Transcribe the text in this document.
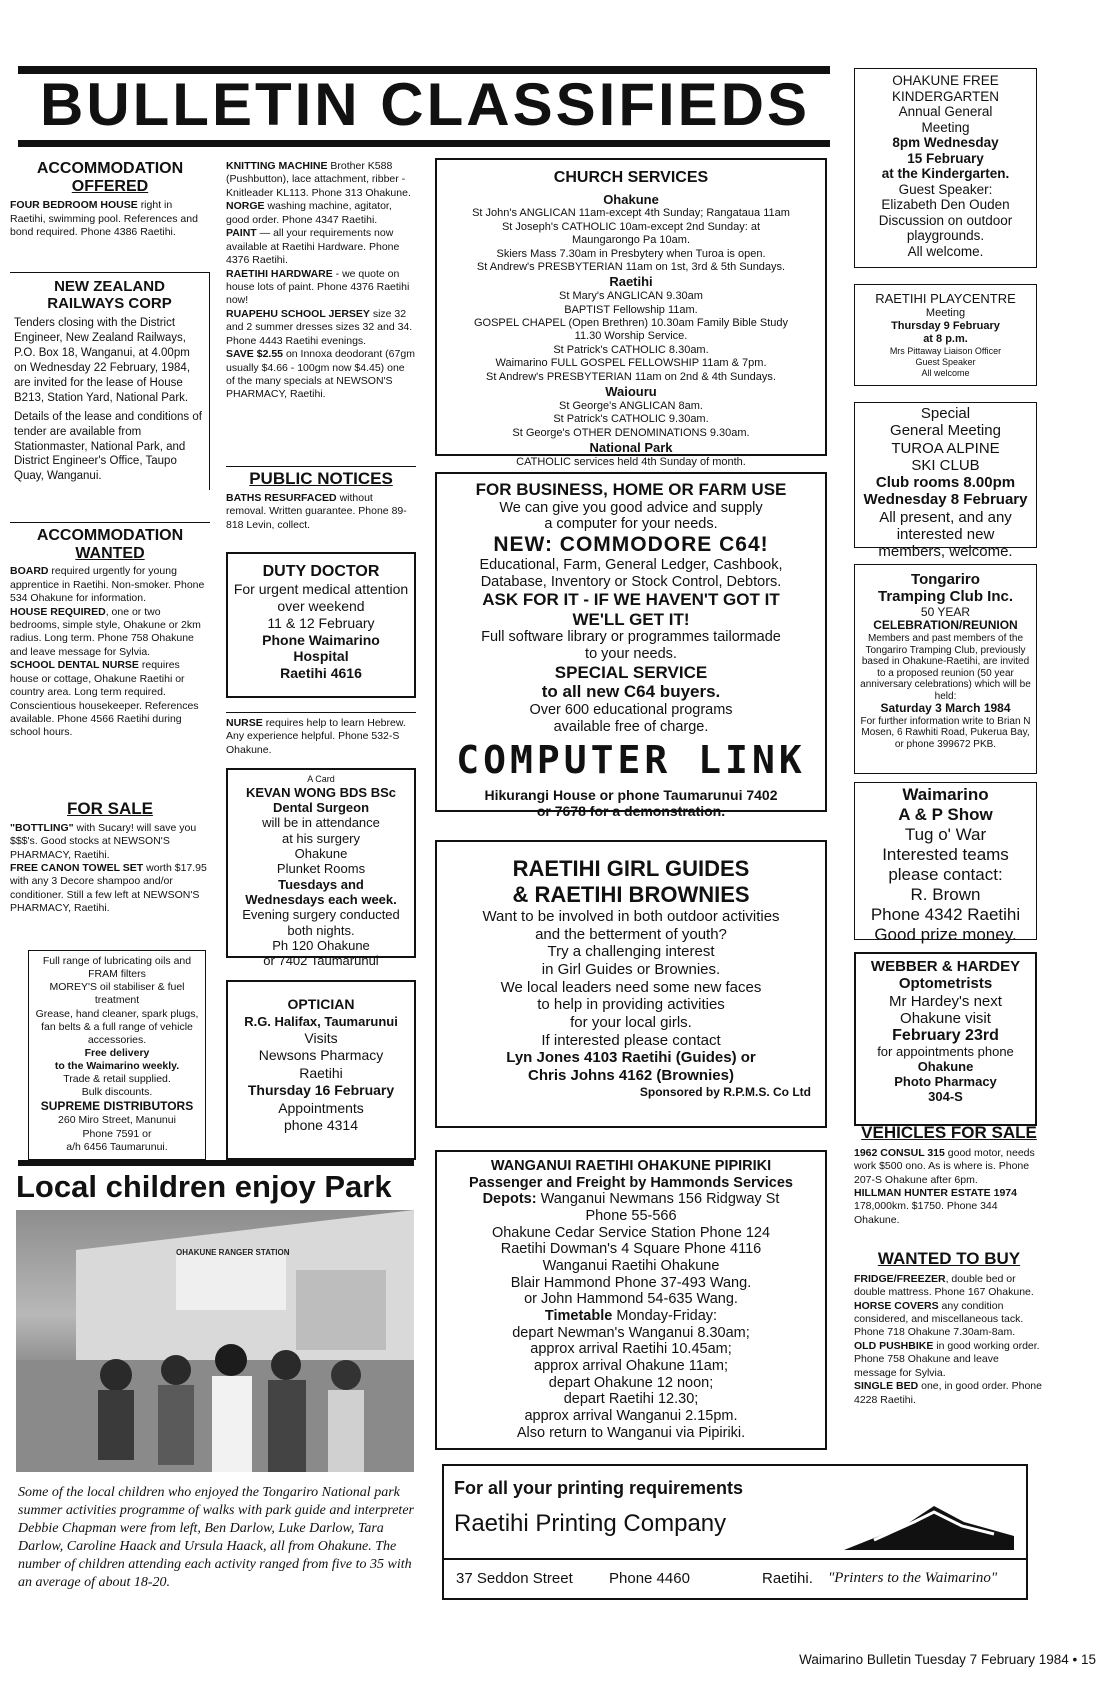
BULLETIN CLASSIFIEDS
ACCOMMODATION
OFFERED

FOUR BEDROOM HOUSE right in Raetihi, swimming pool. References and bond required. Phone 4386 Raetihi.

NEW ZEALAND
RAILWAYS CORP

Tenders closing with the District Engineer, New Zealand Railways, P.O. Box 18, Wanganui, at 4.00pm on Wednesday 22 February, 1984, are invited for the lease of House B213, Station Yard, National Park.

Details of the lease and conditions of tender are available from Stationmaster, National Park, and District Engineer's Office, Taupo Quay, Wanganui.

ACCOMMODATION
WANTED

BOARD required urgently for young apprentice in Raetihi. Non-smoker. Phone 534 Ohakune for information.

HOUSE REQUIRED, one or two bedrooms, simple style, Ohakune or 2km radius. Long term. Phone 758 Ohakune and leave message for Sylvia.

SCHOOL DENTAL NURSE requires house or cottage, Ohakune Raetihi or country area. Long term required. Conscientious housekeeper. References available. Phone 4566 Raetihi during school hours.

FOR SALE

"BOTTLING" with Sucary! will save you $$$'s. Good stocks at NEWSON'S PHARMACY, Raetihi.

FREE CANON TOWEL SET worth $17.95 with any 3 Decore shampoo and/or conditioner. Still a few left at NEWSON'S PHARMACY, Raetihi.

Full range of lubricating oils and FRAM filters

MOREY'S oil stabiliser & fuel treatment

Grease, hand cleaner, spark plugs, fan belts & a full range of vehicle accessories.

Free delivery

to the Waimarino weekly.

Trade & retail supplied.

Bulk discounts.

SUPREME DISTRIBUTORS

260 Miro Street, Manunui

Phone 7591 or

a/h 6456 Taumarunui.

KNITTING MACHINE Brother K588 (Pushbutton), lace attachment, ribber - Knitleader KL113. Phone 313 Ohakune.

NORGE washing machine, agitator, good order. Phone 4347 Raetihi.

PAINT — all your requirements now available at Raetihi Hardware. Phone 4376 Raetihi.

RAETIHI HARDWARE - we quote on house lots of paint. Phone 4376 Raetihi now!

RUAPEHU SCHOOL JERSEY size 32 and 2 summer dresses sizes 32 and 34. Phone 4443 Raetihi evenings.

SAVE $2.55 on Innoxa deodorant (67gm usually $4.66 - 100gm now $4.45) one of the many specials at NEWSON'S PHARMACY, Raetihi.

PUBLIC NOTICES

BATHS RESURFACED without removal. Written guarantee. Phone 89-818 Levin, collect.

DUTY DOCTOR

For urgent medical attention over weekend

11 & 12 February

Phone Waimarino

Hospital

Raetihi 4616

NURSE requires help to learn Hebrew. Any experience helpful. Phone 532-S Ohakune.

A Card

KEVAN WONG BDS BSc

Dental Surgeon

will be in attendance

at his surgery

Ohakune

Plunket Rooms

Tuesdays and

Wednesdays each week.

Evening surgery conducted both nights.

Ph 120 Ohakune

or 7402 Taumarunui

OPTICIAN

R.G. Halifax, Taumarunui

Visits

Newsons Pharmacy

Raetihi

Thursday 16 February

Appointments

phone 4314

CHURCH SERVICES

Ohakune

St John's ANGLICAN 11am-except 4th Sunday; Rangataua 11am

St Joseph's CATHOLIC 10am-except 2nd Sunday: at

Maungarongo Pa 10am.

Skiers Mass 7.30am in Presbytery when Turoa is open.

St Andrew's PRESBYTERIAN 11am on 1st, 3rd & 5th Sundays.

Raetihi

St Mary's ANGLICAN 9.30am

BAPTIST Fellowship 11am.

GOSPEL CHAPEL (Open Brethren) 10.30am Family Bible Study

11.30 Worship Service.

St Patrick's CATHOLIC 8.30am.

Waimarino FULL GOSPEL FELLOWSHIP 11am & 7pm.

St Andrew's PRESBYTERIAN 11am on 2nd & 4th Sundays.

Waiouru

St George's ANGLICAN 8am.

St Patrick's CATHOLIC 9.30am.

St George's OTHER DENOMINATIONS 9.30am.

National Park

CATHOLIC services held 4th Sunday of month.

FOR BUSINESS, HOME OR FARM USE

We can give you good advice and supply

a computer for your needs.

NEW: COMMODORE C64!

Educational, Farm, General Ledger, Cashbook,

Database, Inventory or Stock Control, Debtors.

ASK FOR IT - IF WE HAVEN'T GOT IT

WE'LL GET IT!

Full software library or programmes tailormade

to your needs.

SPECIAL SERVICE

to all new C64 buyers.

Over 600 educational programs

available free of charge.

COMPUTER LINK

Hikurangi House or phone Taumarunui 7402

or 7678 for a demonstration.

RAETIHI GIRL GUIDES

& RAETIHI BROWNIES

Want to be involved in both outdoor activities

and the betterment of youth?

Try a challenging interest

in Girl Guides or Brownies.

We local leaders need some new faces

to help in providing activities

for your local girls.

If interested please contact

Lyn Jones 4103 Raetihi (Guides) or

Chris Johns 4162 (Brownies)

Sponsored by R.P.M.S. Co Ltd

WANGANUI RAETIHI OHAKUNE PIPIRIKI

Passenger and Freight by Hammonds Services

Depots: Wanganui Newmans 156 Ridgway St

Phone 55-566

Ohakune Cedar Service Station Phone 124

Raetihi Dowman's 4 Square Phone 4116

Wanganui Raetihi Ohakune

Blair Hammond Phone 37-493 Wang.

or John Hammond 54-635 Wang.

Timetable Monday-Friday:

depart Newman's Wanganui 8.30am;

approx arrival Raetihi 10.45am;

approx arrival Ohakune 11am;

depart Ohakune 12 noon;

depart Raetihi 12.30;

approx arrival Wanganui 2.15pm.

Also return to Wanganui via Pipiriki.

Local children enjoy Park
OHAKUNE RANGER STATION
Some of the local children who enjoyed the Tongariro National park summer activities programme of walks with park guide and interpreter Debbie Chapman were from left, Ben Darlow, Luke Darlow, Tara Darlow, Caroline Haack and Ursula Haack, all from Ohakune. The number of children attending each activity ranged from five to 35 with an average of about 18-20.
For all your printing requirements
Raetihi Printing Company
37 Seddon Street Phone 4460	Raetihi. "Printers to the Waimarino"

OHAKUNE FREE

KINDERGARTEN

Annual General

Meeting

8pm Wednesday

15 February

at the Kindergarten.

Guest Speaker:

Elizabeth Den Ouden

Discussion on outdoor

playgrounds.

All welcome.

RAETIHI PLAYCENTRE

Meeting

Thursday 9 February

at 8 p.m.

Mrs Pittaway Liaison Officer

Guest Speaker

All welcome

Special

General Meeting

TUROA ALPINE

SKI CLUB

Club rooms 8.00pm

Wednesday 8 February

All present, and any

interested new

members, welcome.

Tongariro

Tramping Club Inc.

50 YEAR

CELEBRATION/REUNION

Members and past members of the Tongariro Tramping Club, previously based in Ohakune-Raetihi, are invited to a proposed reunion (50 year anniversary celebrations) which will be held:

Saturday 3 March 1984

For further information write to Brian N Mosen, 6 Rawhiti Road, Pukerua Bay, or phone 399672 PKB.

Waimarino

A & P Show

Tug o' War

Interested teams

please contact:

R. Brown

Phone 4342 Raetihi

Good prize money.

WEBBER & HARDEY

Optometrists

Mr Hardey's next

Ohakune visit

February 23rd

for appointments phone

Ohakune

Photo Pharmacy

304-S

VEHICLES FOR SALE

1962 CONSUL 315 good motor, needs work $500 ono. As is where is. Phone 207-S Ohakune after 6pm.

HILLMAN HUNTER ESTATE 1974 178,000km. $1750. Phone 344 Ohakune.

WANTED TO BUY

FRIDGE/FREEZER, double bed or double mattress. Phone 167 Ohakune.

HORSE COVERS any condition considered, and miscellaneous tack. Phone 718 Ohakune 7.30am-8am.

OLD PUSHBIKE in good working order. Phone 758 Ohakune and leave message for Sylvia.

SINGLE BED one, in good order. Phone 4228 Raetihi.

Waimarino Bulletin Tuesday 7 February 1984 • 15
